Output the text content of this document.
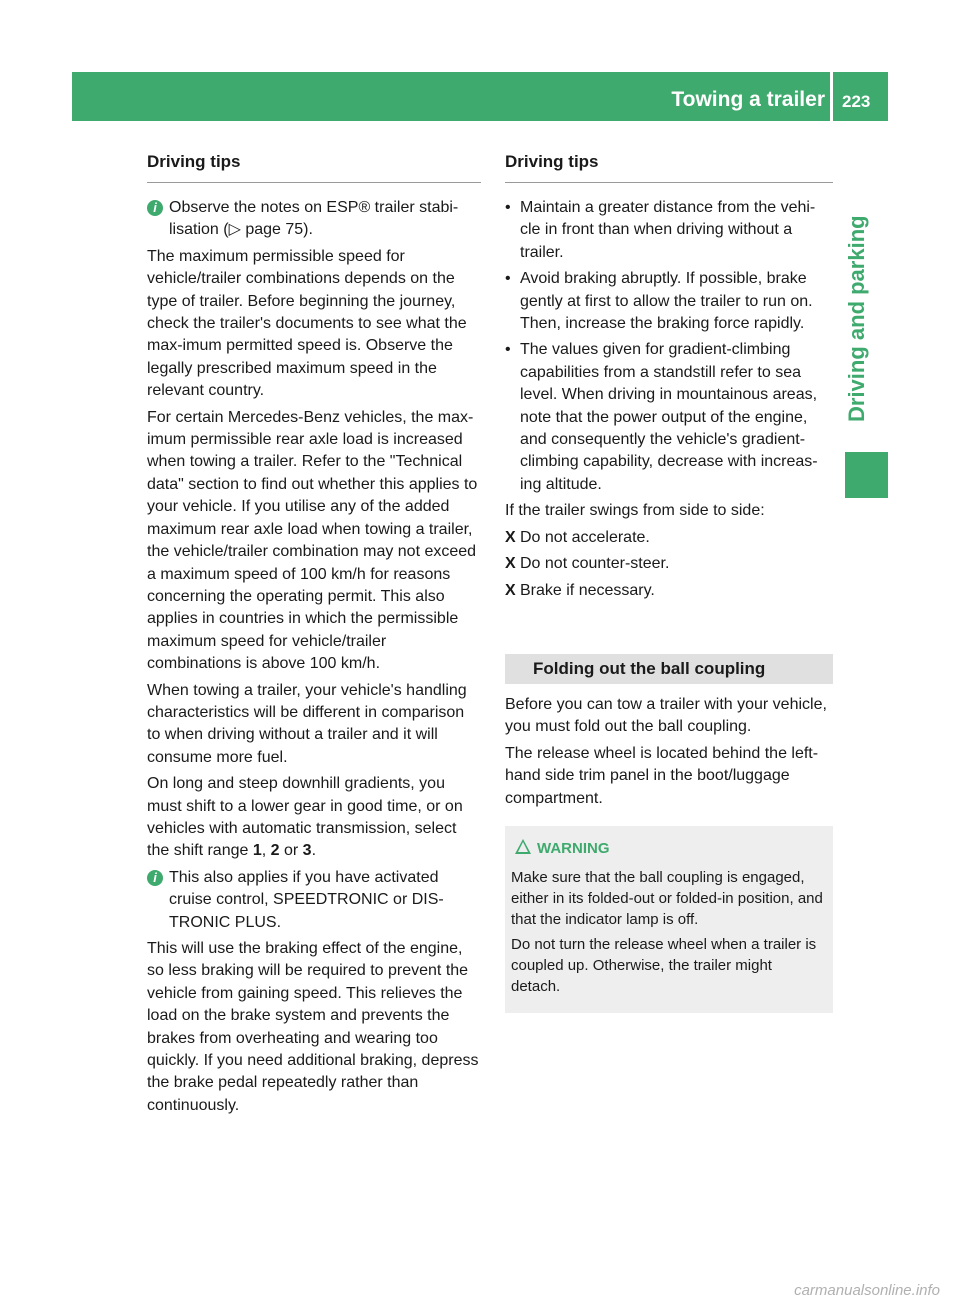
Towing a trailer 223
Driving and parking
Driving tips
i Observe the notes on ESP® trailer stabi-lisation (▷ page 75).

The maximum permissible speed for vehicle/trailer combinations depends on the type of trailer. Before beginning the journey, check the trailer's documents to see what the max-imum permitted speed is. Observe the legally prescribed maximum speed in the relevant country.

For certain Mercedes-Benz vehicles, the max-imum permissible rear axle load is increased when towing a trailer. Refer to the "Technical data" section to find out whether this applies to your vehicle. If you utilise any of the added maximum rear axle load when towing a trailer, the vehicle/trailer combination may not exceed a maximum speed of 100 km/h for reasons concerning the operating permit. This also applies in countries in which the permissible maximum speed for vehicle/trailer combinations is above 100 km/h.

When towing a trailer, your vehicle's handling characteristics will be different in comparison to when driving without a trailer and it will consume more fuel.

On long and steep downhill gradients, you must shift to a lower gear in good time, or on vehicles with automatic transmission, select the shift range 1, 2 or 3.

i This also applies if you have activated cruise control, SPEEDTRONIC or DIS-TRONIC PLUS.

This will use the braking effect of the engine, so less braking will be required to prevent the vehicle from gaining speed. This relieves the load on the brake system and prevents the brakes from overheating and wearing too quickly. If you need additional braking, depress the brake pedal repeatedly rather than continuously.

Driving tips
• Maintain a greater distance from the vehi-cle in front than when driving without a trailer.
• Avoid braking abruptly. If possible, brake gently at first to allow the trailer to run on. Then, increase the braking force rapidly.
• The values given for gradient-climbing capabilities from a standstill refer to sea level. When driving in mountainous areas, note that the power output of the engine, and consequently the vehicle's gradient-climbing capability, decrease with increas-ing altitude.

If the trailer swings from side to side:

X Do not accelerate.
X Do not counter-steer.
X Brake if necessary.
Folding out the ball coupling

Before you can tow a trailer with your vehicle, you must fold out the ball coupling.

The release wheel is located behind the left-hand side trim panel in the boot/luggage compartment.

WARNING

Make sure that the ball coupling is engaged, either in its folded-out or folded-in position, and that the indicator lamp is off.

Do not turn the release wheel when a trailer is coupled up. Otherwise, the trailer might detach.

carmanualsonline.info
